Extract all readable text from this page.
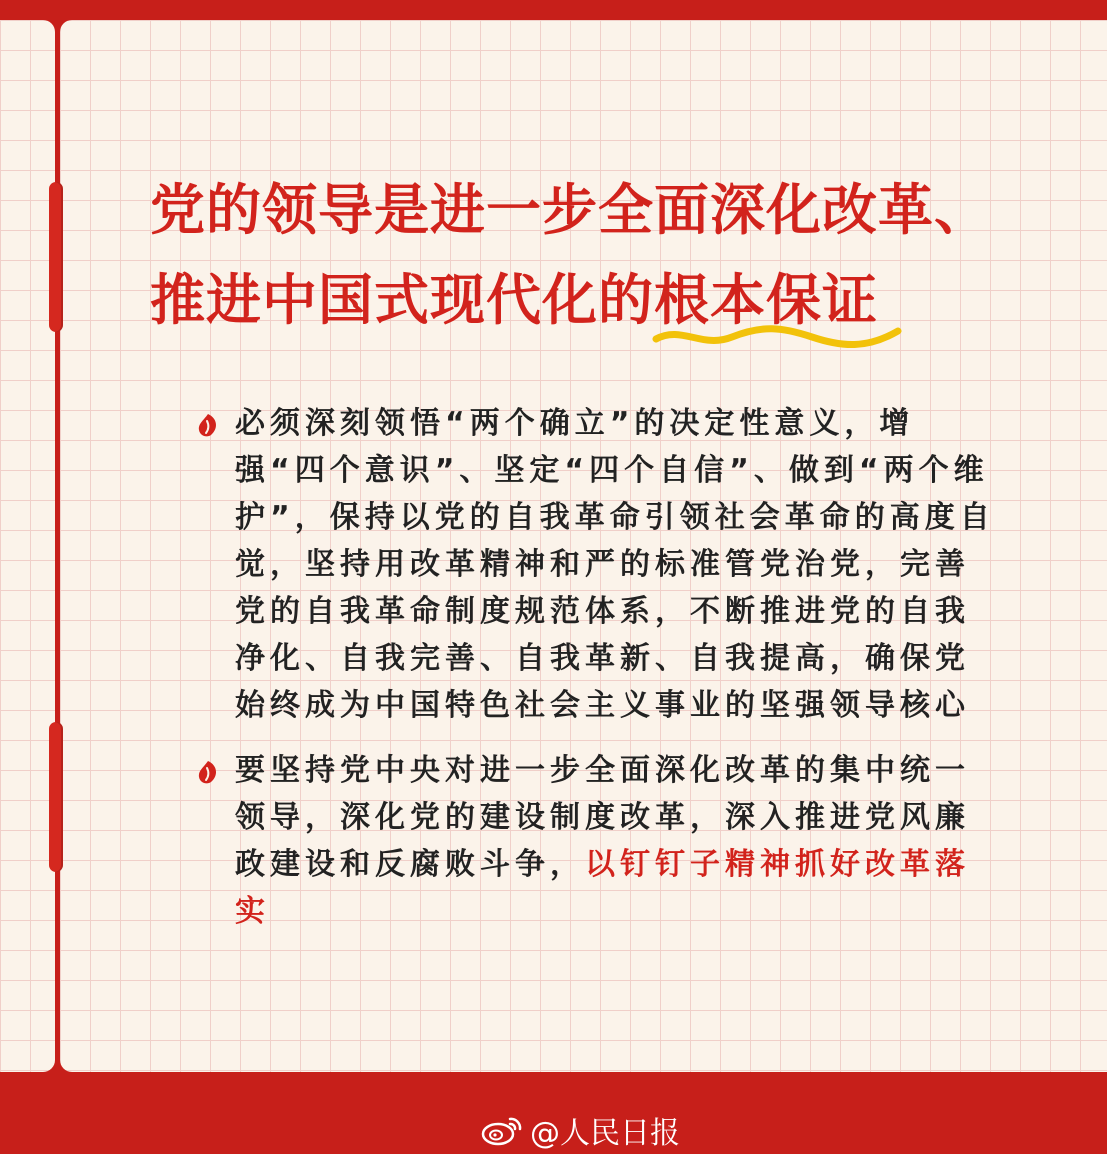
党的领导是进一步全面深化改革、
推进中国式现代化的
根本保证

必须深刻领悟“两个确立”的决定性意义，增强“四个意识”、坚定“四个自信”、做到“两个维护”，保持以党的自我革命引领社会革命的高度自觉，坚持用改革精神和严的标准管党治党，完善党的自我革命制度规范体系，不断推进党的自我净化、自我完善、自我革新、自我提高，确保党始终成为中国特色社会主义事业的坚强领导核心

要坚持党中央对进一步全面深化改革的集中统一领导，深化党的建设制度改革，深入推进党风廉政建设和反腐败斗争，以钉钉子精神抓好改革落实

@人民日报
